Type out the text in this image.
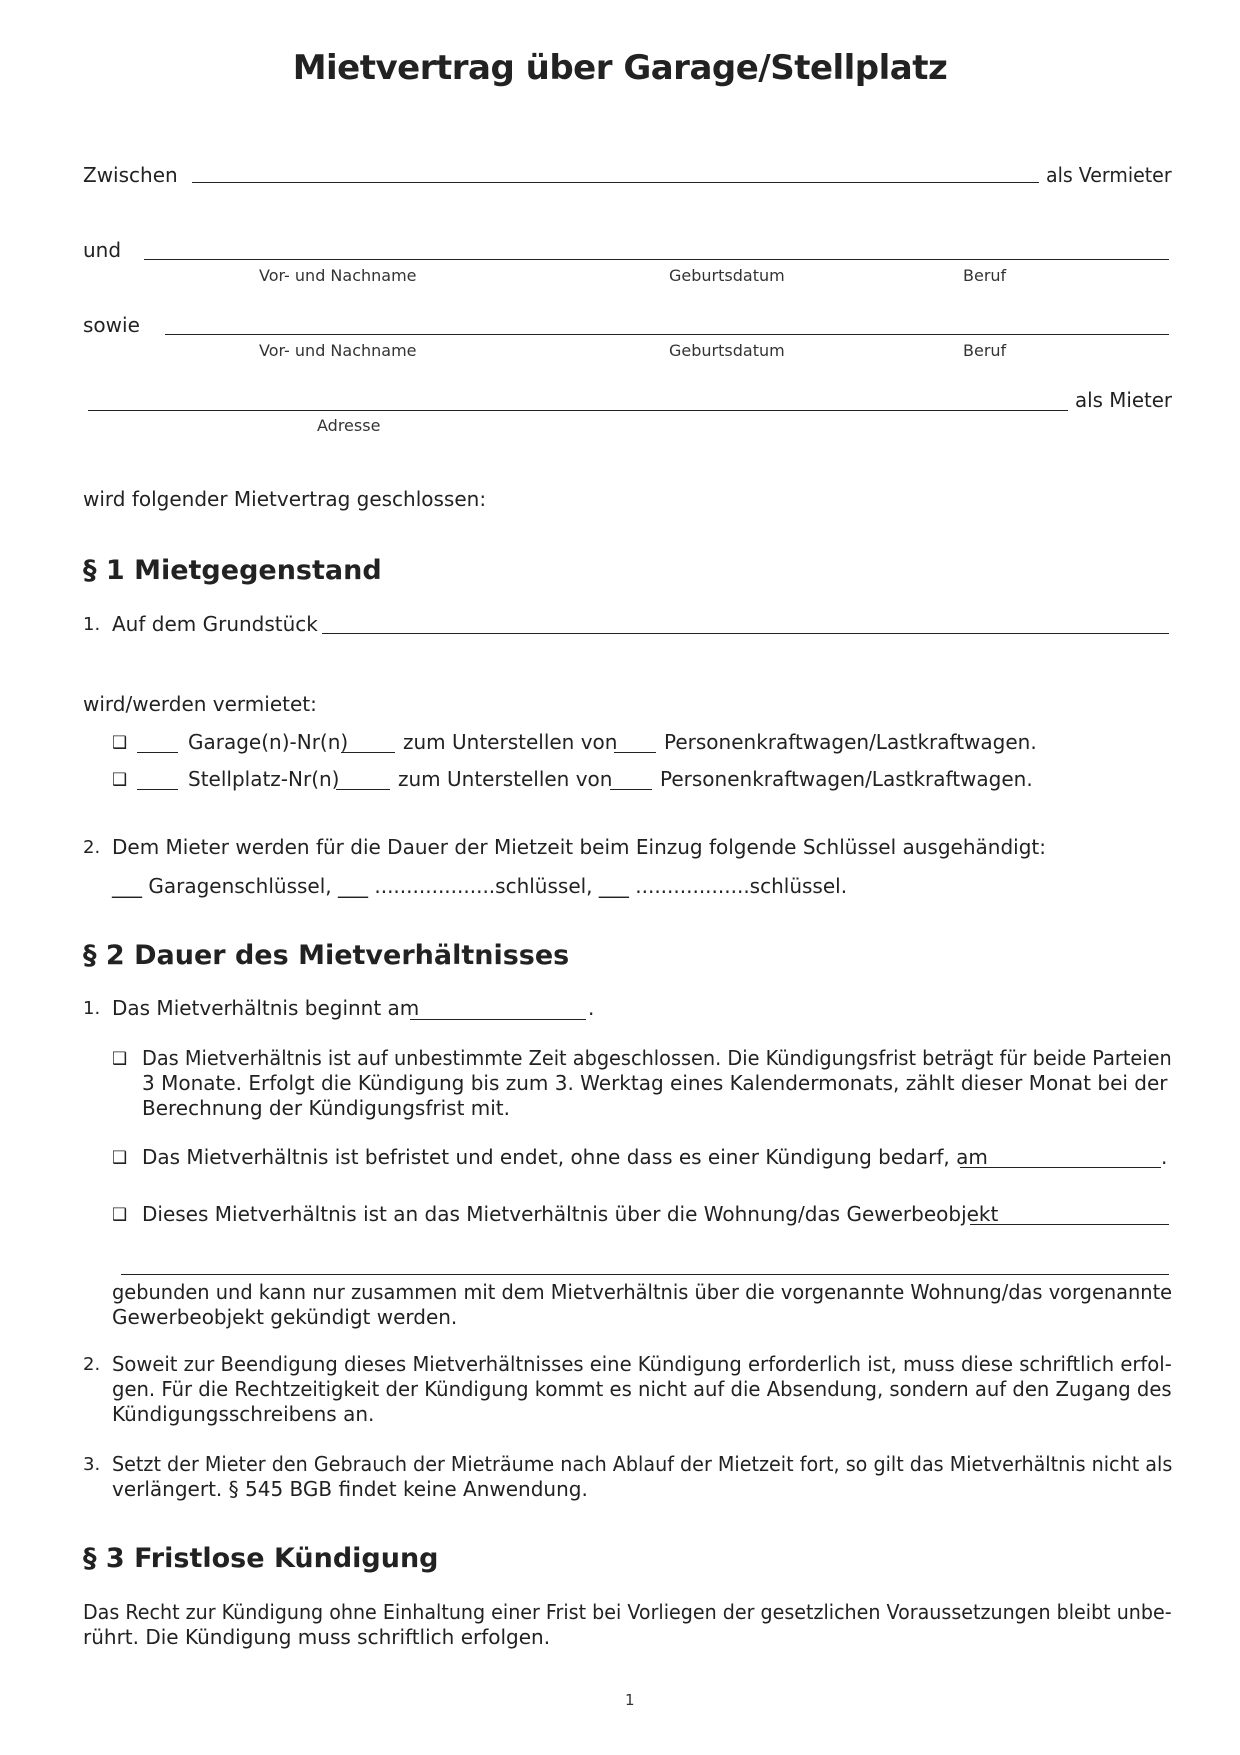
Mietvertrag über Garage/Stellplatz
Zwischen	als Vermieter
und
Vor- und Nachname	Geburtsdatum	Beruf
sowie
Vor- und Nachname	Geburtsdatum	Beruf
als Mieter
Adresse
wird folgender Mietvertrag geschlossen:
§ 1 Mietgegenstand
1. Auf dem Grundstück
wird/werden vermietet:
❑	Garage(n)-Nr(n)	zum Unterstellen von Personenkraftwagen/Lastkraftwagen.
❑	Stellplatz-Nr(n)	zum Unterstellen von Personenkraftwagen/Lastkraftwagen.
2. Dem Mieter werden für die Dauer der Mietzeit beim Einzug folgende Schlüssel ausgehändigt:
___ Garagenschlüssel, ___ ...................schlüssel, ___ ..................schlüssel.
§ 2 Dauer des Mietverhältnisses
1. Das Mietverhältnis beginnt am	.
❑ Das Mietverhältnis ist auf unbestimmte Zeit abgeschlossen. Die Kündigungsfrist beträgt für beide Parteien
3 Monate. Erfolgt die Kündigung bis zum 3. Werktag eines Kalendermonats, zählt dieser Monat bei der
Berechnung der Kündigungsfrist mit.
❑ Das Mietverhältnis ist befristet und endet, ohne dass es einer Kündigung bedarf, am	.
❑ Dieses Mietverhältnis ist an das Mietverhältnis über die Wohnung/das Gewerbeobjekt
gebunden und kann nur zusammen mit dem Mietverhältnis über die vorgenannte Wohnung/das vorgenannte
Gewerbeobjekt gekündigt werden.
2. Soweit zur Beendigung dieses Mietverhältnisses eine Kündigung erforderlich ist, muss diese schriftlich erfol-
gen. Für die Rechtzeitigkeit der Kündigung kommt es nicht auf die Absendung, sondern auf den Zugang des
Kündigungsschreibens an.
3. Setzt der Mieter den Gebrauch der Mieträume nach Ablauf der Mietzeit fort, so gilt das Mietverhältnis nicht als
verlängert. § 545 BGB findet keine Anwendung.
§ 3 Fristlose Kündigung
Das Recht zur Kündigung ohne Einhaltung einer Frist bei Vorliegen der gesetzlichen Voraussetzungen bleibt unbe-
rührt. Die Kündigung muss schriftlich erfolgen.
1
